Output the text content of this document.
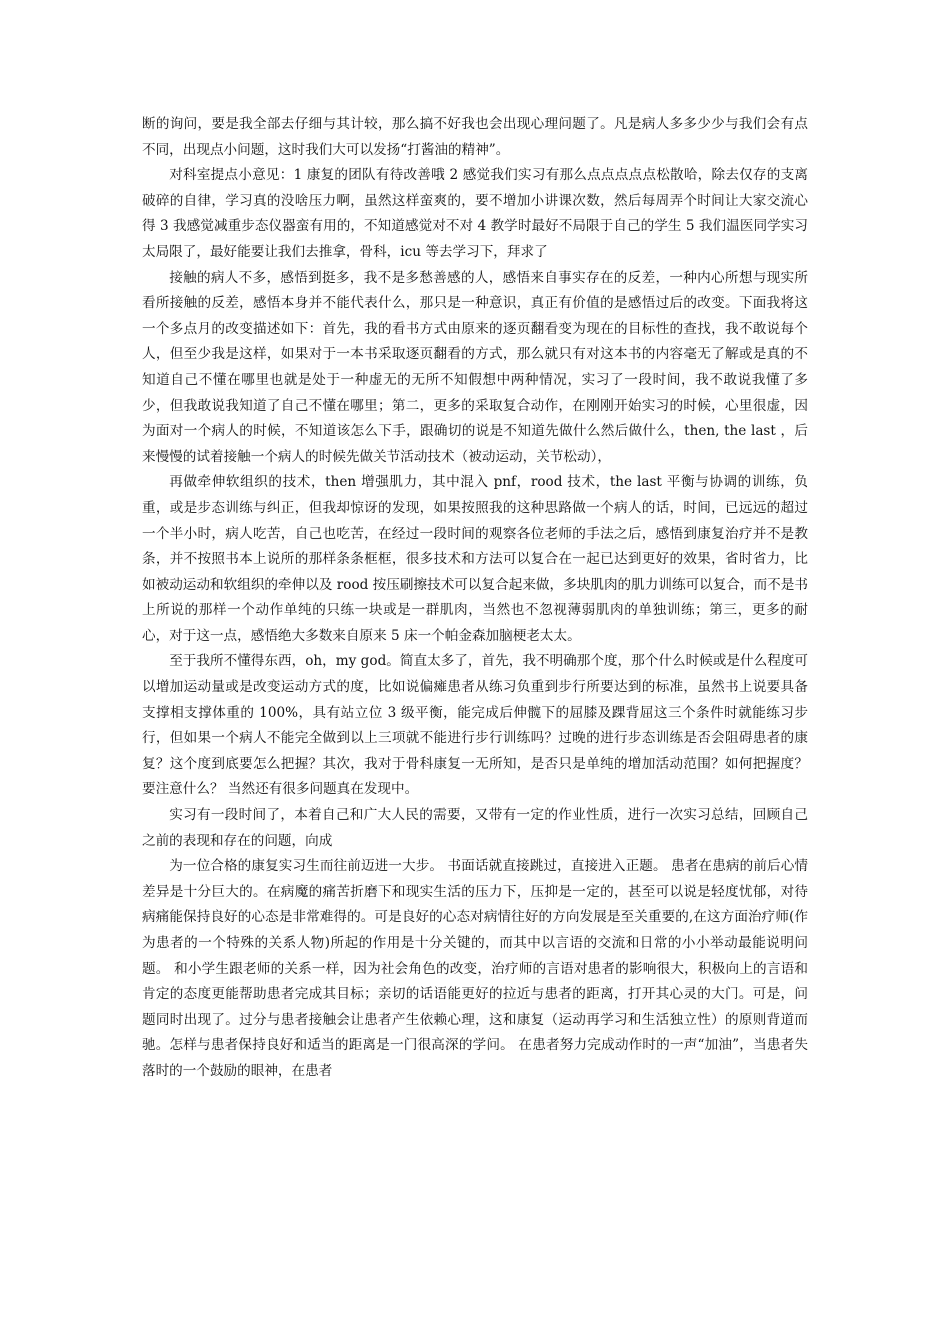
断的询问，要是我全部去仔细与其计较，那么搞不好我也会出现心理问题了。凡是病人多多少少与我们会有点不同，出现点小问题，这时我们大可以发扬“打酱油的精神”。

对科室提点小意见：1 康复的团队有待改善哦 2 感觉我们实习有那么点点点点点松散哈，除去仅存的支离破碎的自律，学习真的没啥压力啊，虽然这样蛮爽的，要不增加小讲课次数，然后每周弄个时间让大家交流心得 3 我感觉减重步态仪器蛮有用的，不知道感觉对不对 4 教学时最好不局限于自己的学生 5 我们温医同学实习太局限了，最好能要让我们去推拿，骨科，icu 等去学习下，拜求了

接触的病人不多，感悟到挺多，我不是多愁善感的人，感悟来自事实存在的反差，一种内心所想与现实所看所接触的反差，感悟本身并不能代表什么，那只是一种意识，真正有价值的是感悟过后的改变。下面我将这一个多点月的改变描述如下：首先，我的看书方式由原来的逐页翻看变为现在的目标性的查找，我不敢说每个人，但至少我是这样，如果对于一本书采取逐页翻看的方式，那么就只有对这本书的内容毫无了解或是真的不知道自己不懂在哪里也就是处于一种虚无的无所不知假想中两种情况，实习了一段时间，我不敢说我懂了多少，但我敢说我知道了自己不懂在哪里；第二，更多的采取复合动作，在刚刚开始实习的时候，心里很虚，因为面对一个病人的时候，不知道该怎么下手，跟确切的说是不知道先做什么然后做什么，then, the last ，后来慢慢的试着接触一个病人的时候先做关节活动技术（被动运动，关节松动），

再做牵伸软组织的技术，then 增强肌力，其中混入 pnf，rood 技术，the last 平衡与协调的训练，负重，或是步态训练与纠正，但我却惊讶的发现，如果按照我的这种思路做一个病人的话，时间，已远远的超过一个半小时，病人吃苦，自己也吃苦，在经过一段时间的观察各位老师的手法之后，感悟到康复治疗并不是教条，并不按照书本上说所的那样条条框框，很多技术和方法可以复合在一起已达到更好的效果，省时省力，比如被动运动和软组织的牵伸以及 rood 按压刷擦技术可以复合起来做，多块肌肉的肌力训练可以复合，而不是书上所说的那样一个动作单纯的只练一块或是一群肌肉，当然也不忽视薄弱肌肉的单独训练；第三，更多的耐心，对于这一点，感悟绝大多数来自原来 5 床一个帕金森加脑梗老太太。

至于我所不懂得东西，oh，my god。简直太多了，首先，我不明确那个度，那个什么时候或是什么程度可以增加运动量或是改变运动方式的度，比如说偏瘫患者从练习负重到步行所要达到的标准，虽然书上说要具备支撑相支撑体重的 100%，具有站立位 3 级平衡，能完成后伸髋下的屈膝及踝背屈这三个条件时就能练习步行，但如果一个病人不能完全做到以上三项就不能进行步行训练吗？过晚的进行步态训练是否会阻碍患者的康复？这个度到底要怎么把握？其次，我对于骨科康复一无所知，是否只是单纯的增加活动范围？如何把握度？要注意什么？ 当然还有很多问题真在发现中。

实习有一段时间了，本着自己和广大人民的需要，又带有一定的作业性质，进行一次实习总结，回顾自己之前的表现和存在的问题，向成

为一位合格的康复实习生而往前迈进一大步。 书面话就直接跳过，直接进入正题。 患者在患病的前后心情差异是十分巨大的。在病魔的痛苦折磨下和现实生活的压力下，压抑是一定的，甚至可以说是轻度忧郁，对待病痛能保持良好的心态是非常难得的。可是良好的心态对病情往好的方向发展是至关重要的,在这方面治疗师(作为患者的一个特殊的关系人物)所起的作用是十分关键的，而其中以言语的交流和日常的小小举动最能说明问题。 和小学生跟老师的关系一样，因为社会角色的改变，治疗师的言语对患者的影响很大，积极向上的言语和肯定的态度更能帮助患者完成其目标；亲切的话语能更好的拉近与患者的距离，打开其心灵的大门。可是，问题同时出现了。过分与患者接触会让患者产生依赖心理，这和康复（运动再学习和生活独立性）的原则背道而驰。怎样与患者保持良好和适当的距离是一门很高深的学问。 在患者努力完成动作时的一声“加油”，当患者失落时的一个鼓励的眼神，在患者
